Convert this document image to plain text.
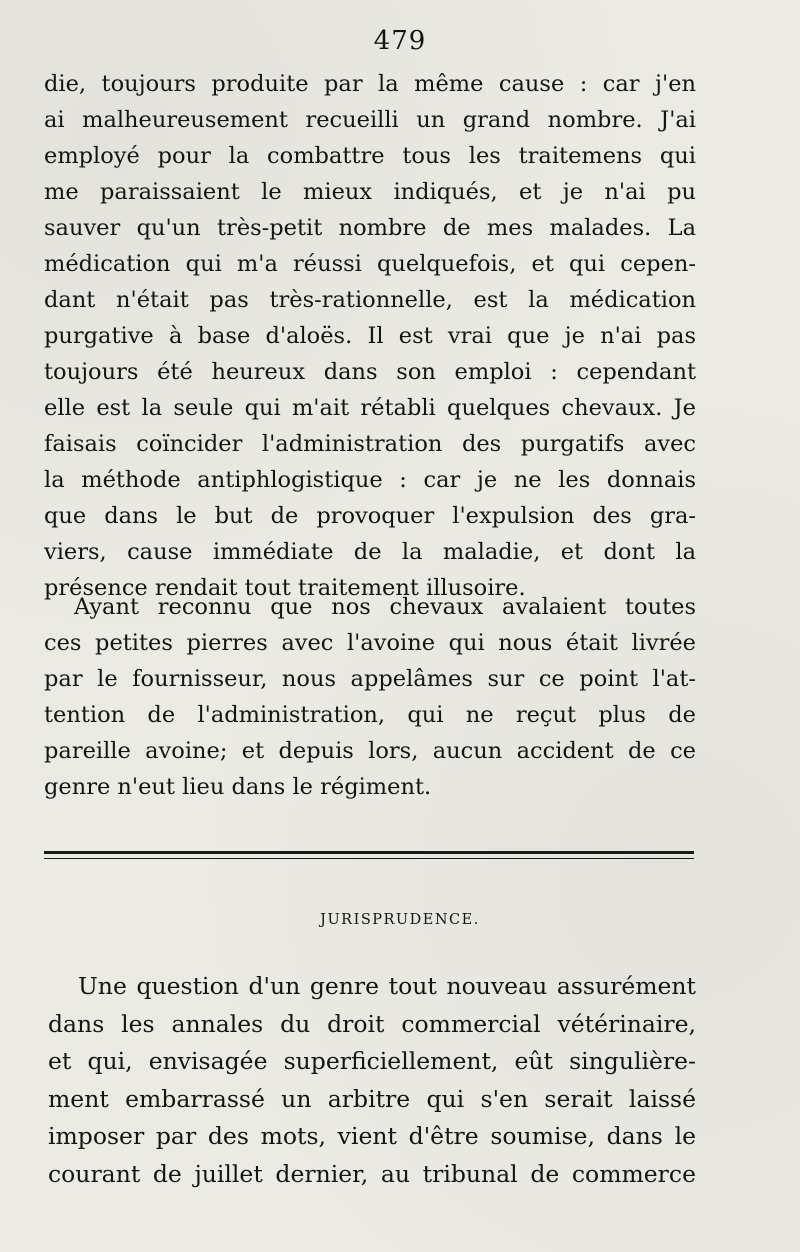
479
die, toujours produite par la même cause : car j'en
ai malheureusement recueilli un grand nombre. J'ai
employé pour la combattre tous les traitemens qui
me paraissaient le mieux indiqués, et je n'ai pu
sauver qu'un très-petit nombre de mes malades. La
médication qui m'a réussi quelquefois, et qui cepen-
dant n'était pas très-rationnelle, est la médication
purgative à base d'aloës. Il est vrai que je n'ai pas
toujours été heureux dans son emploi : cependant
elle est la seule qui m'ait rétabli quelques chevaux. Je
faisais coïncider l'administration des purgatifs avec
la méthode antiphlogistique : car je ne les donnais
que dans le but de provoquer l'expulsion des gra-
viers, cause immédiate de la maladie, et dont la
présence rendait tout traitement illusoire.
Ayant reconnu que nos chevaux avalaient toutes
ces petites pierres avec l'avoine qui nous était livrée
par le fournisseur, nous appelâmes sur ce point l'at-
tention de l'administration, qui ne reçut plus de
pareille avoine; et depuis lors, aucun accident de ce
genre n'eut lieu dans le régiment.
JURISPRUDENCE.
Une question d'un genre tout nouveau assurément
dans les annales du droit commercial vétérinaire,
et qui, envisagée superficiellement, eût singulière-
ment embarrassé un arbitre qui s'en serait laissé
imposer par des mots, vient d'être soumise, dans le
courant de juillet dernier, au tribunal de commerce
